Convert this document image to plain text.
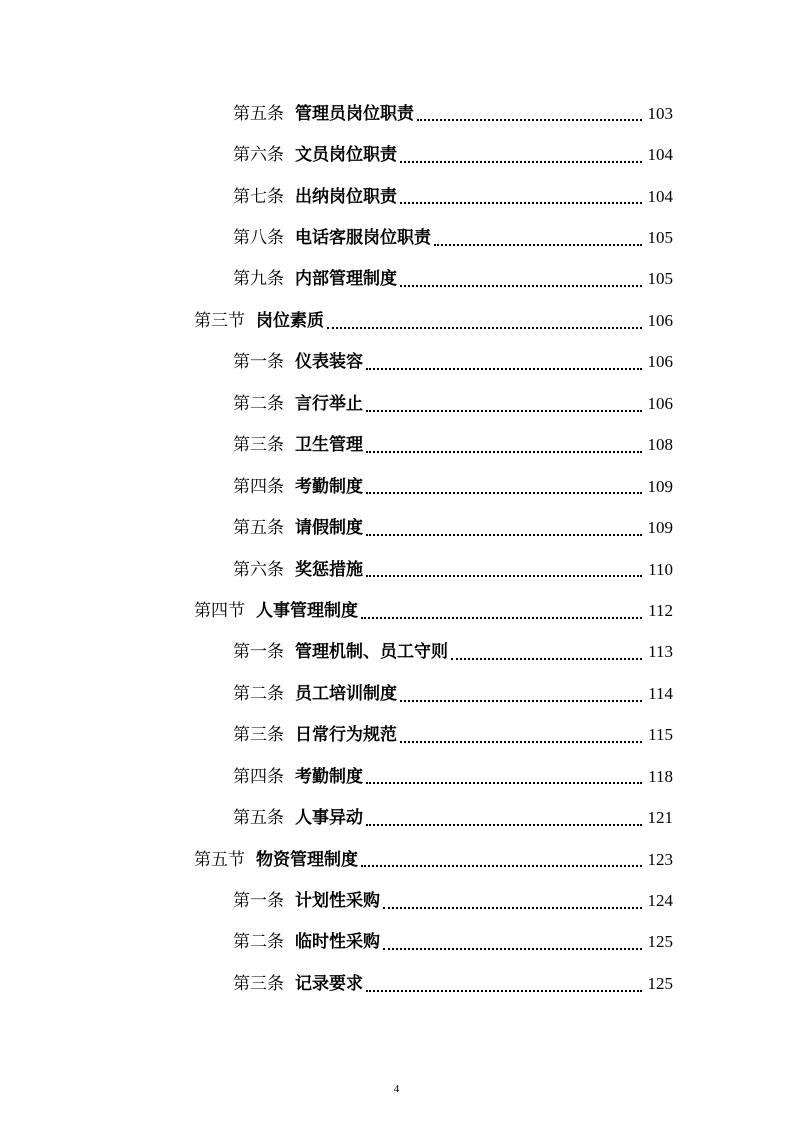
第五条 管理员岗位职责	103
第六条 文员岗位职责	104
第七条 出纳岗位职责	104
第八条 电话客服岗位职责	105
第九条 内部管理制度	105
第三节 岗位素质	106
第一条 仪表装容	106
第二条 言行举止	106
第三条 卫生管理	108
第四条 考勤制度	109
第五条 请假制度	109
第六条 奖惩措施	110
第四节 人事管理制度	112
第一条 管理机制、员工守则	113
第二条 员工培训制度	114
第三条 日常行为规范	115
第四条 考勤制度	118
第五条 人事异动	121
第五节 物资管理制度	123
第一条 计划性采购	124
第二条 临时性采购	125
第三条 记录要求	125
4
